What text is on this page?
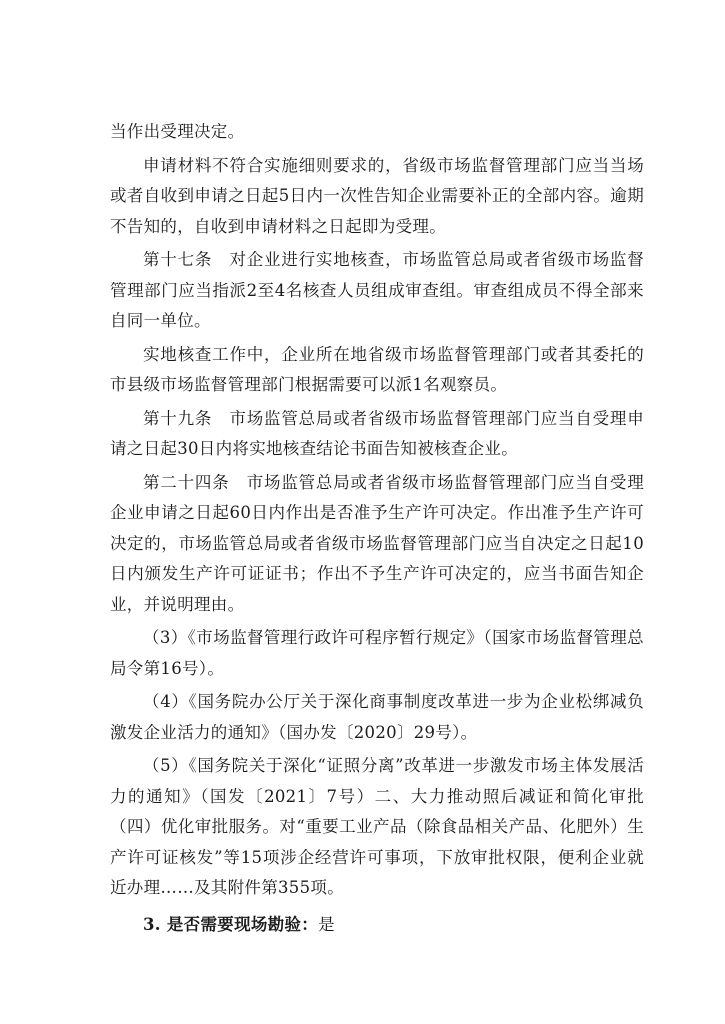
当作出受理决定。

申请材料不符合实施细则要求的，省级市场监督管理部门应当当场或者自收到申请之日起5日内一次性告知企业需要补正的全部内容。逾期不告知的，自收到申请材料之日起即为受理。

第十七条　对企业进行实地核查，市场监管总局或者省级市场监督管理部门应当指派2至4名核查人员组成审查组。审查组成员不得全部来自同一单位。

实地核查工作中，企业所在地省级市场监督管理部门或者其委托的市县级市场监督管理部门根据需要可以派1名观察员。

第十九条　市场监管总局或者省级市场监督管理部门应当自受理申请之日起30日内将实地核查结论书面告知被核查企业。

第二十四条　市场监管总局或者省级市场监督管理部门应当自受理企业申请之日起60日内作出是否准予生产许可决定。作出准予生产许可决定的，市场监管总局或者省级市场监督管理部门应当自决定之日起10日内颁发生产许可证证书；作出不予生产许可决定的，应当书面告知企业，并说明理由。

（3）《市场监督管理行政许可程序暂行规定》（国家市场监督管理总局令第16号）。

（4）《国务院办公厅关于深化商事制度改革进一步为企业松绑减负激发企业活力的通知》（国办发〔2020〕29号）。

（5）《国务院关于深化“证照分离”改革进一步激发市场主体发展活力的通知》（国发〔2021〕7号）二、大力推动照后减证和简化审批（四）优化审批服务。对“重要工业产品（除食品相关产品、化肥外）生产许可证核发”等15项涉企经营许可事项，下放审批权限，便利企业就近办理……及其附件第355项。

3. 是否需要现场勘验：是
